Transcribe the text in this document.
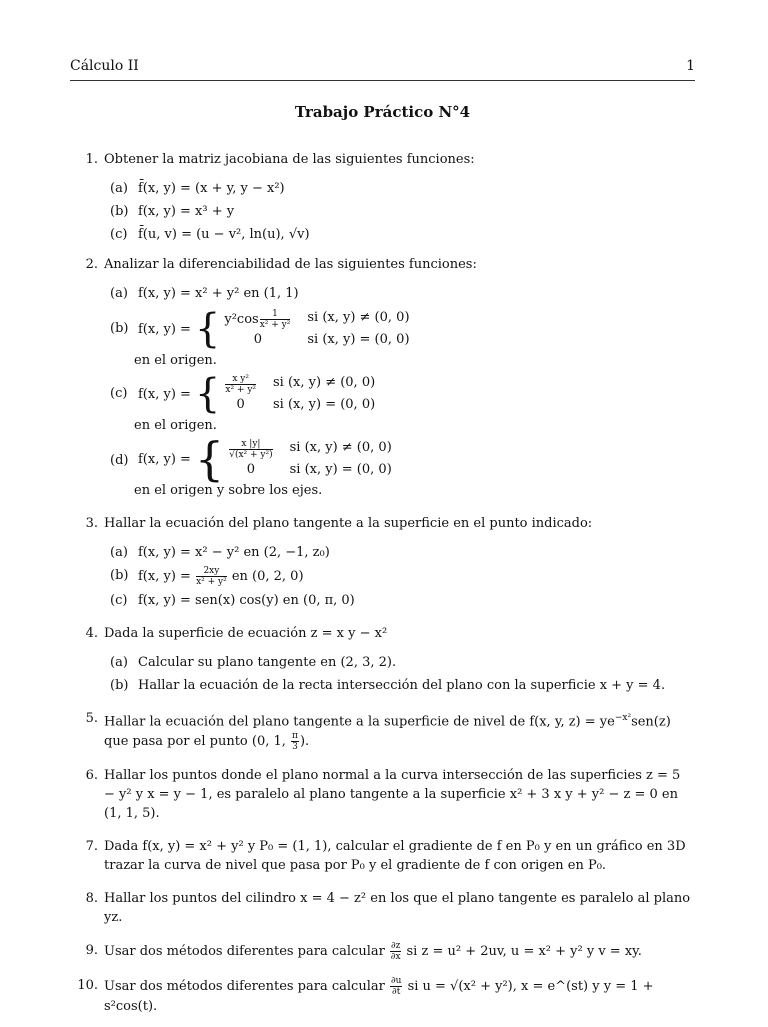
Cálculo II	1
Trabajo Práctico N°4
1. Obtener la matriz jacobiana de las siguientes funciones:
(a) f̄(x, y) = (x + y, y − x²)
(b) f(x, y) = x³ + y
(c) f̄(u, v) = (u − v², ln(u), √v)
2. Analizar la diferenciabilidad de las siguientes funciones:
(a) f(x, y) = x² + y² en (1, 1)
(b) f(x, y) = { $y^2\cos \frac{1}{\text{x² + y²}}$ si (x, y) ≠ (0, 0)
0	si (x, y) = (0, 0)
en el origen.
(c) f(x, y) = { $\frac{\text{x y²}}{\text{x² + y²}}$ si (x, y) ≠ (0, 0)
0	si (x, y) = (0, 0)
en el origen.
(d) f(x, y) = { $\frac{x |y|}{\text{√(x² + y²)}}$ si (x, y) ≠ (0, 0)
0	si (x, y) = (0, 0)
en el origen y sobre los ejes.
3. Hallar la ecuación del plano tangente a la superficie en el punto indicado:
(a) f(x, y) = x² − y² en (2, −1, z₀)
(b) f(x, $y) = \frac{2xy}{\text{x² + y²}}$ en (0, 2, 0)
(c) f(x, y) = sen(x) cos(y) en (0, π, 0)
4. Dada la superficie de ecuación z = x y − x²
(a) Calcular su plano tangente en (2, 3, 2).
(b) Hallar la ecuación de la recta intersección del plano con la superficie x + y = 4.
5. Hallar la ecuación del plano tangente a la superficie de nivel de f(x, y, $z) = ye^{-x^2}sen(z)$ que pasa por el punto (0, 1, $\frac{\pi}{3}$ ).
6. Hallar los puntos donde el plano normal a la curva intersección de las superficies z = 5 − y² y x = y − 1, es paralelo al plano tangente a la superficie x² + 3 x y + y² − z = 0 en (1, 1, 5).
7. Dada f(x, y) = x² + y² y P₀ = (1, 1), calcular el gradiente de f en P₀ y en un gráfico en 3D trazar la curva de nivel que pasa por P₀ y el gradiente de f con origen en P₀.
8. Hallar los puntos del cilindro x = 4 − z² en los que el plano tangente es paralelo al plano yz.
9. Usar dos métodos diferentes para calcular $\frac{\partial z}{\partial x}$ si z = u² + 2uv, u = x² + y² y v = xy.
10. Usar dos métodos diferentes para calcular $\frac{\partial u}{\partial t}$ si u = √(x² + y²), x = e^(st) y y = 1 + s²cos(t).
